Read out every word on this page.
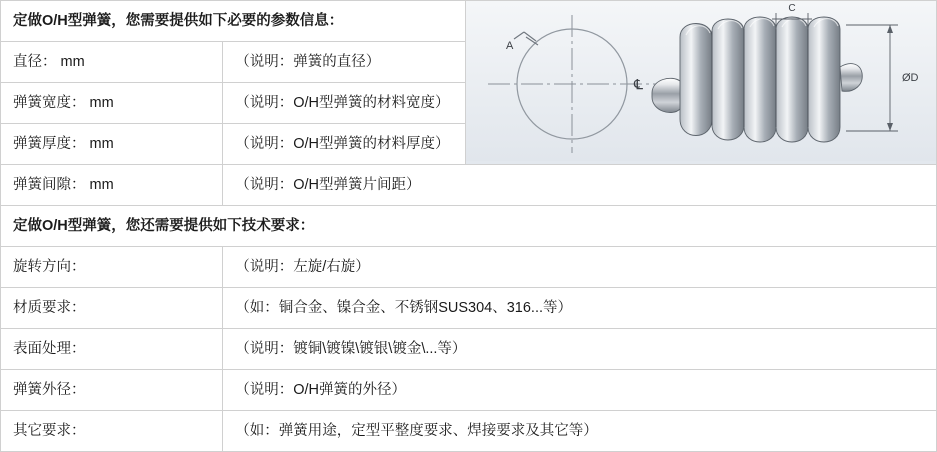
定做O/H型弹簧，您需要提供如下必要的参数信息：		A
℄
C
ØD

直径： mm	（说明：弹簧的直径）	
弹簧宽度： mm	（说明：O/H型弹簧的材料宽度）	
弹簧厚度： mm	（说明：O/H型弹簧的材料厚度）	
弹簧间隙： mm	（说明：O/H型弹簧片间距）	
定做O/H型弹簧，您还需要提供如下技术要求：		
旋转方向：	（说明：左旋/右旋）	
材质要求：	（如：铜合金、镍合金、不锈钢SUS304、316...等）	
表面处理：	（说明：镀铜\镀镍\镀银\镀金\...等）	
弹簧外径：	（说明：O/H弹簧的外径）	
其它要求：	（如：弹簧用途，定型平整度要求、焊接要求及其它等）	
